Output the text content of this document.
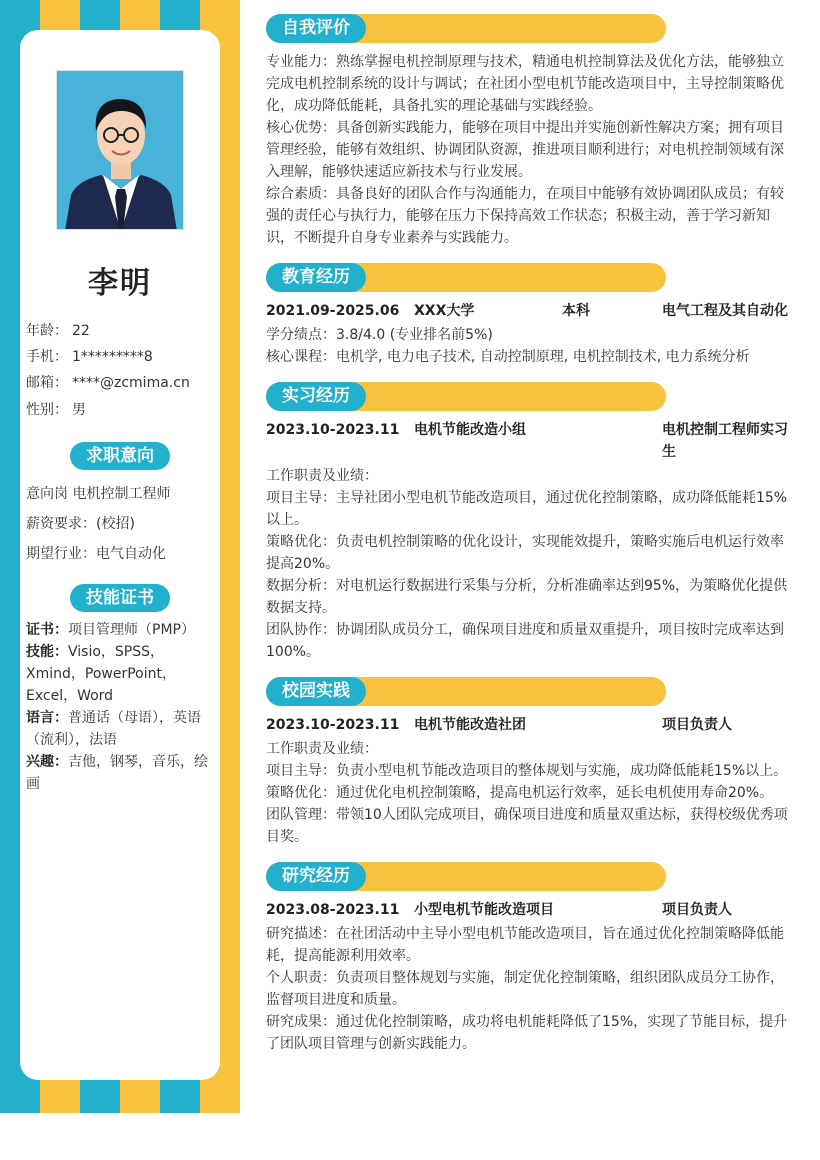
李明
年龄： 22
手机： 1*********8
邮箱： ****@zcmima.cn
性别： 男
求职意向
意向岗 电机控制工程师
薪资要求：(校招)
期望行业：电气自动化
技能证书
证书：项目管理师（PMP）
技能：Visio，SPSS，Xmind，PowerPoint，Excel，Word
语言：普通话（母语），英语（流利），法语
兴趣：吉他，钢琴，音乐，绘画
自我评价
专业能力：熟练掌握电机控制原理与技术，精通电机控制算法及优化方法，能够独立完成电机控制系统的设计与调试；在社团小型电机节能改造项目中，主导控制策略优化，成功降低能耗，具备扎实的理论基础与实践经验。
核心优势：具备创新实践能力，能够在项目中提出并实施创新性解决方案；拥有项目管理经验，能够有效组织、协调团队资源，推进项目顺利进行；对电机控制领域有深入理解，能够快速适应新技术与行业发展。
综合素质：具备良好的团队合作与沟通能力，在项目中能够有效协调团队成员；有较强的责任心与执行力，能够在压力下保持高效工作状态；积极主动，善于学习新知识，不断提升自身专业素养与实践能力。
教育经历
2021.09-2025.06 XXX大学	本科	电气工程及其自动化
学分绩点：3.8/4.0 (专业排名前5%)
核心课程：电机学, 电力电子技术, 自动控制原理, 电机控制技术, 电力系统分析
实习经历
2023.10-2023.11 电机节能改造小组	电机控制工程师实习生
工作职责及业绩：
项目主导：主导社团小型电机节能改造项目，通过优化控制策略，成功降低能耗15%以上。
策略优化：负责电机控制策略的优化设计，实现能效提升，策略实施后电机运行效率提高20%。
数据分析：对电机运行数据进行采集与分析，分析准确率达到95%，为策略优化提供数据支持。
团队协作：协调团队成员分工，确保项目进度和质量双重提升，项目按时完成率达到100%。
校园实践
2023.10-2023.11 电机节能改造社团	项目负责人
工作职责及业绩：
项目主导：负责小型电机节能改造项目的整体规划与实施，成功降低能耗15%以上。
策略优化：通过优化电机控制策略，提高电机运行效率，延长电机使用寿命20%。
团队管理：带领10人团队完成项目，确保项目进度和质量双重达标，获得校级优秀项目奖。
研究经历
2023.08-2023.11 小型电机节能改造项目	项目负责人
研究描述：在社团活动中主导小型电机节能改造项目，旨在通过优化控制策略降低能耗，提高能源利用效率。
个人职责：负责项目整体规划与实施，制定优化控制策略，组织团队成员分工协作，监督项目进度和质量。
研究成果：通过优化控制策略，成功将电机能耗降低了15%，实现了节能目标，提升了团队项目管理与创新实践能力。
